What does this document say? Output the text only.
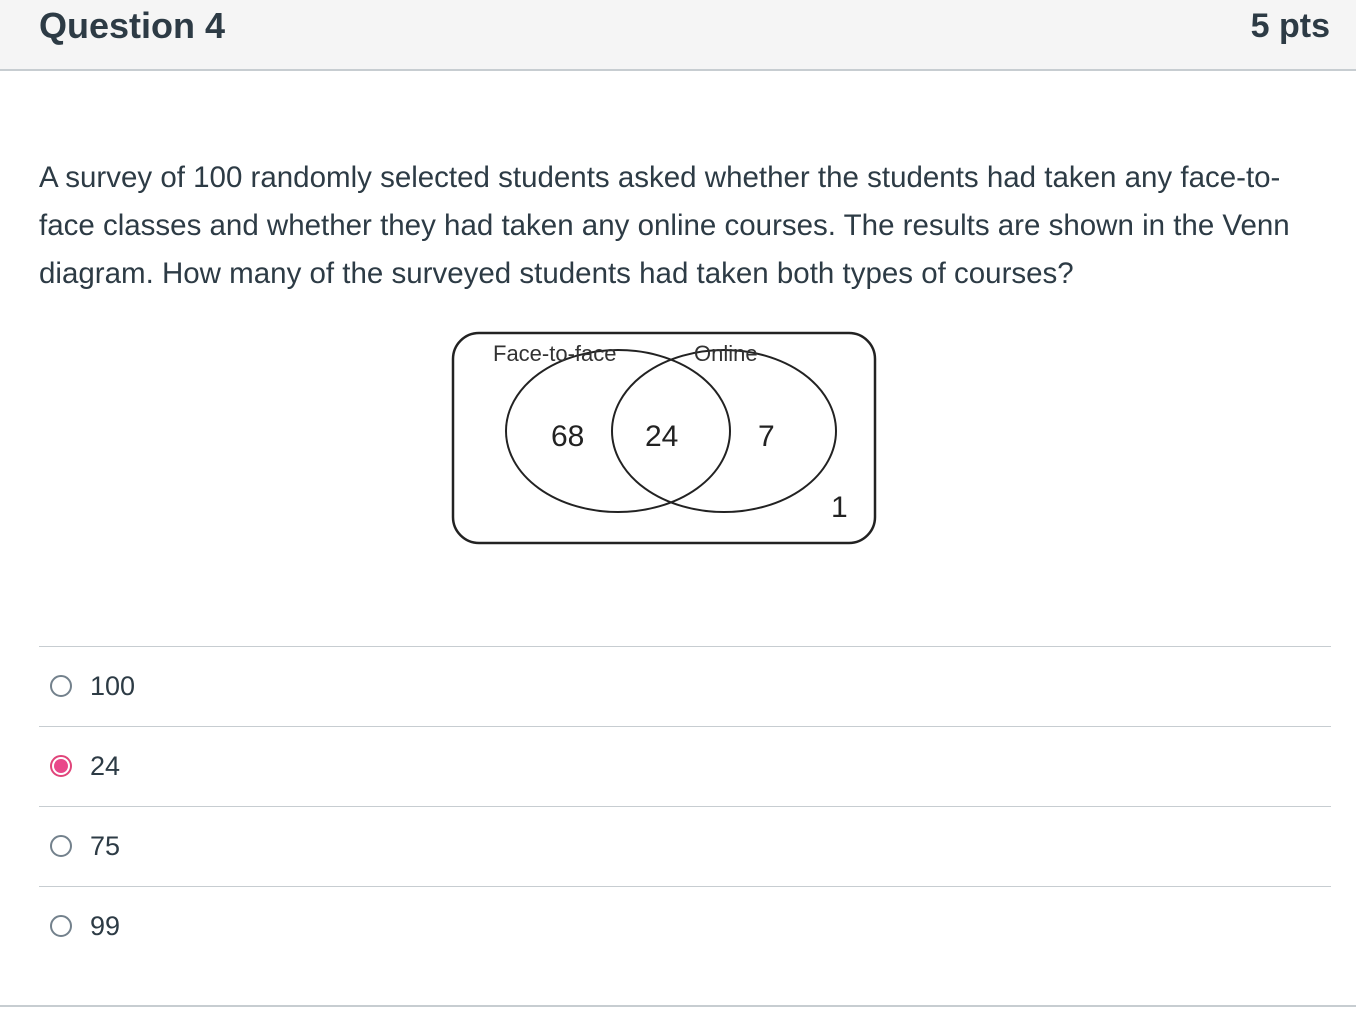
Question 4	5 pts
A survey of 100 randomly selected students asked whether the students had taken any face-to-face classes and whether they had taken any online courses. The results are shown in the Venn diagram. How many of the surveyed students had taken both types of courses?
Face-to-face	Online
68 24	7
1
100
24
75
99
